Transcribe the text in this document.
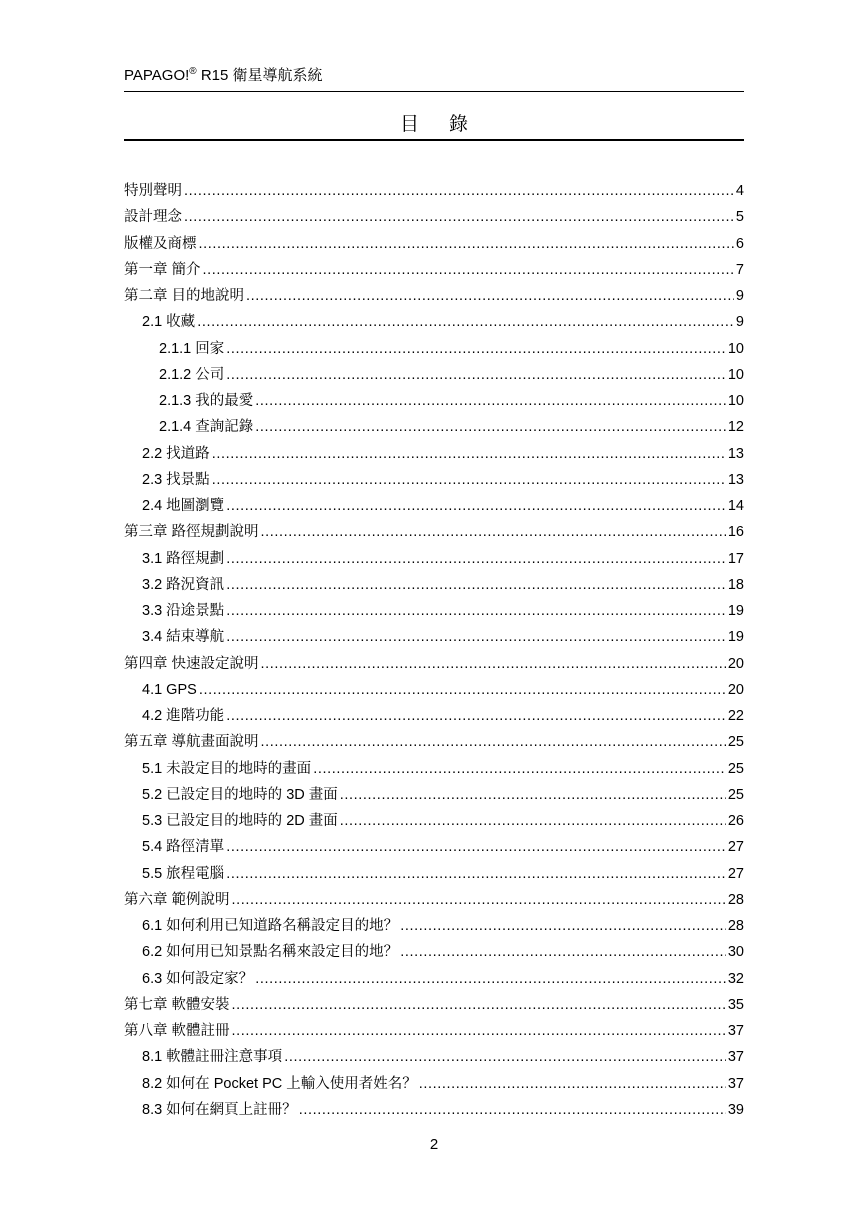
PAPAGO!® R15 衛星導航系統
目錄
特別聲明 .....	4
設計理念 .....	5
版權及商標 .....	6
第一章 簡介 .....	7
第二章 目的地說明 .....	9
2.1 收藏 .....	9
2.1.1 回家 .....	10
2.1.2 公司 .....	10
2.1.3 我的最愛 .....	10
2.1.4 查詢記錄 .....	12
2.2 找道路 .....	13
2.3 找景點 .....	13
2.4 地圖瀏覽 .....	14
第三章 路徑規劃說明 .....	16
3.1 路徑規劃 .....	17
3.2 路況資訊 .....	18
3.3 沿途景點 .....	19
3.4 結束導航 .....	19
第四章 快速設定說明 .....	20
4.1 GPS .....	20
4.2 進階功能 .....	22
第五章 導航畫面說明 .....	25
5.1 未設定目的地時的畫面 .....	25
5.2 已設定目的地時的 3D 畫面 .....	25
5.3 已設定目的地時的 2D 畫面 .....	26
5.4 路徑清單 .....	27
5.5 旅程電腦 .....	27
第六章 範例說明 .....	28
6.1 如何利用已知道路名稱設定目的地？ .....	28
6.2 如何用已知景點名稱來設定目的地？ .....	30
6.3 如何設定家？ .....	32
第七章 軟體安裝 .....	35
第八章 軟體註冊 .....	37
8.1 軟體註冊注意事項 .....	37
8.2 如何在 Pocket PC 上輸入使用者姓名？ .....	37
8.3 如何在網頁上註冊？ .....	39
2
